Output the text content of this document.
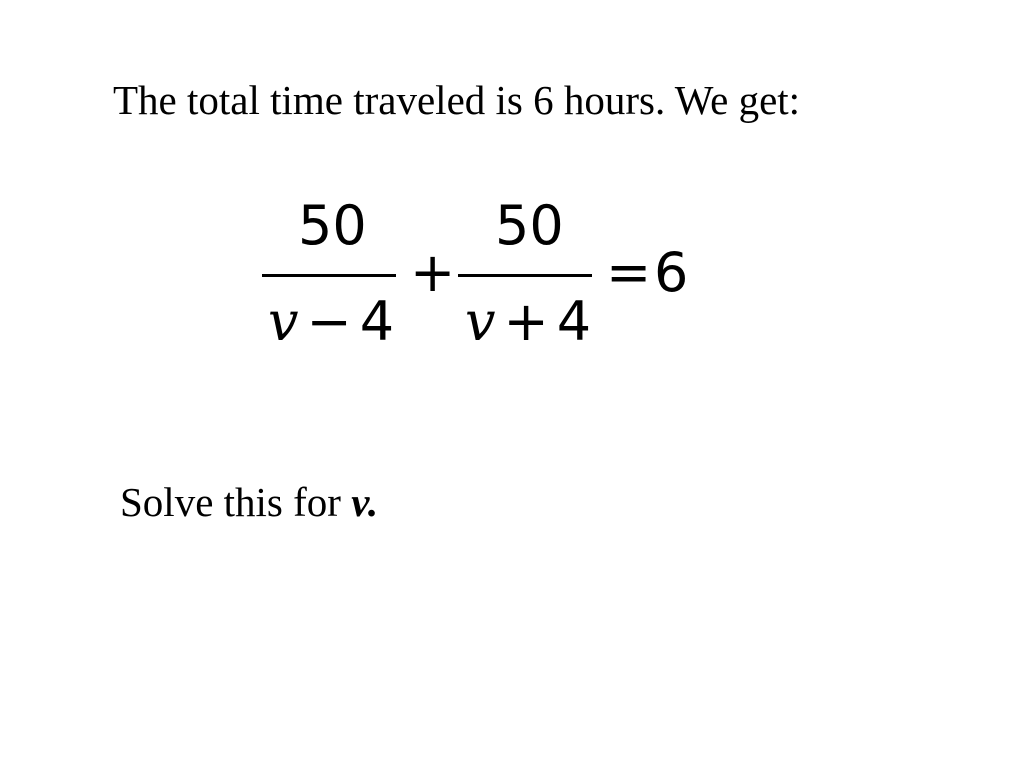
The total time traveled is 6 hours. We get:

50
v − 4
+
50
v + 4
= 6

Solve this for v.
